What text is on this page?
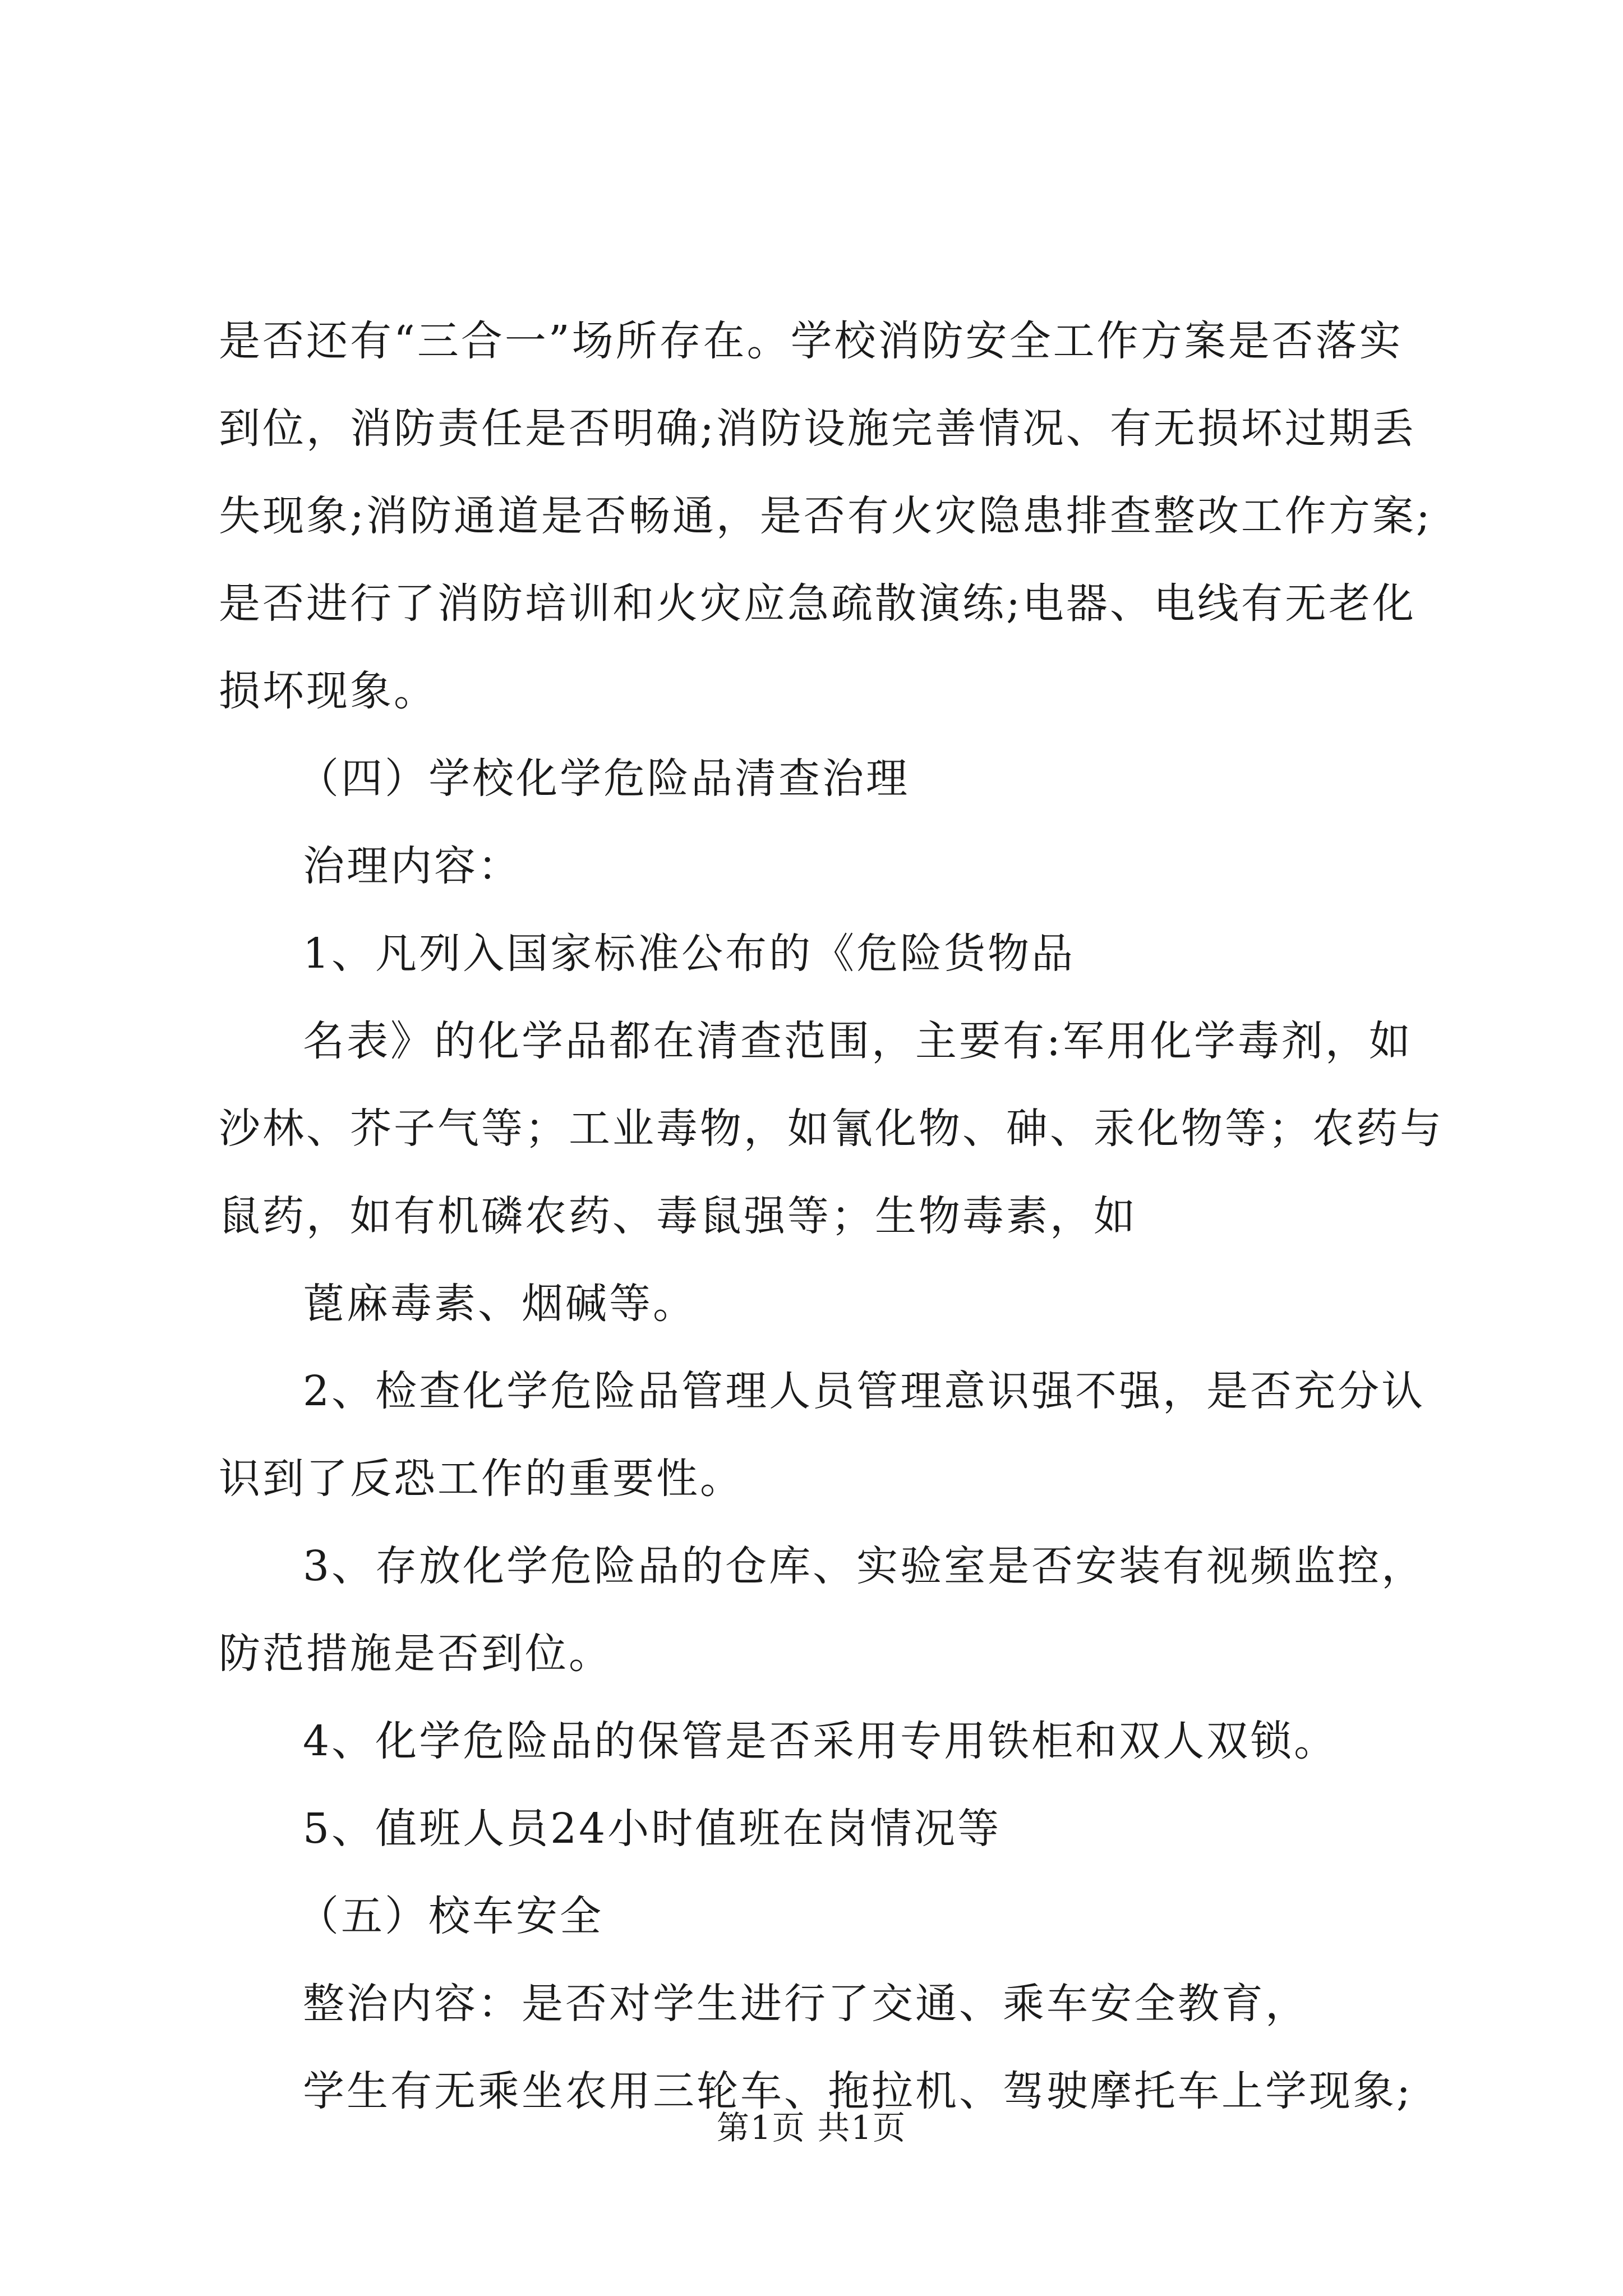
是否还有“三合一”场所存在。学校消防安全工作方案是否落实
到位，消防责任是否明确;消防设施完善情况、有无损坏过期丢
失现象;消防通道是否畅通，是否有火灾隐患排查整改工作方案;
是否进行了消防培训和火灾应急疏散演练;电器、电线有无老化
损坏现象。
（四）学校化学危险品清查治理
治理内容：
1、凡列入国家标准公布的《危险货物品
名表》的化学品都在清查范围，主要有:军用化学毒剂，如
沙林、芥子气等；工业毒物，如氰化物、砷、汞化物等；农药与
鼠药，如有机磷农药、毒鼠强等；生物毒素，如
蓖麻毒素、烟碱等。
2、检查化学危险品管理人员管理意识强不强，是否充分认
识到了反恐工作的重要性。
3、存放化学危险品的仓库、实验室是否安装有视频监控，
防范措施是否到位。
4、化学危险品的保管是否采用专用铁柜和双人双锁。
5、值班人员24小时值班在岗情况等
（五）校车安全
整治内容：是否对学生进行了交通、乘车安全教育，
学生有无乘坐农用三轮车、拖拉机、驾驶摩托车上学现象;
第1页 共1页
